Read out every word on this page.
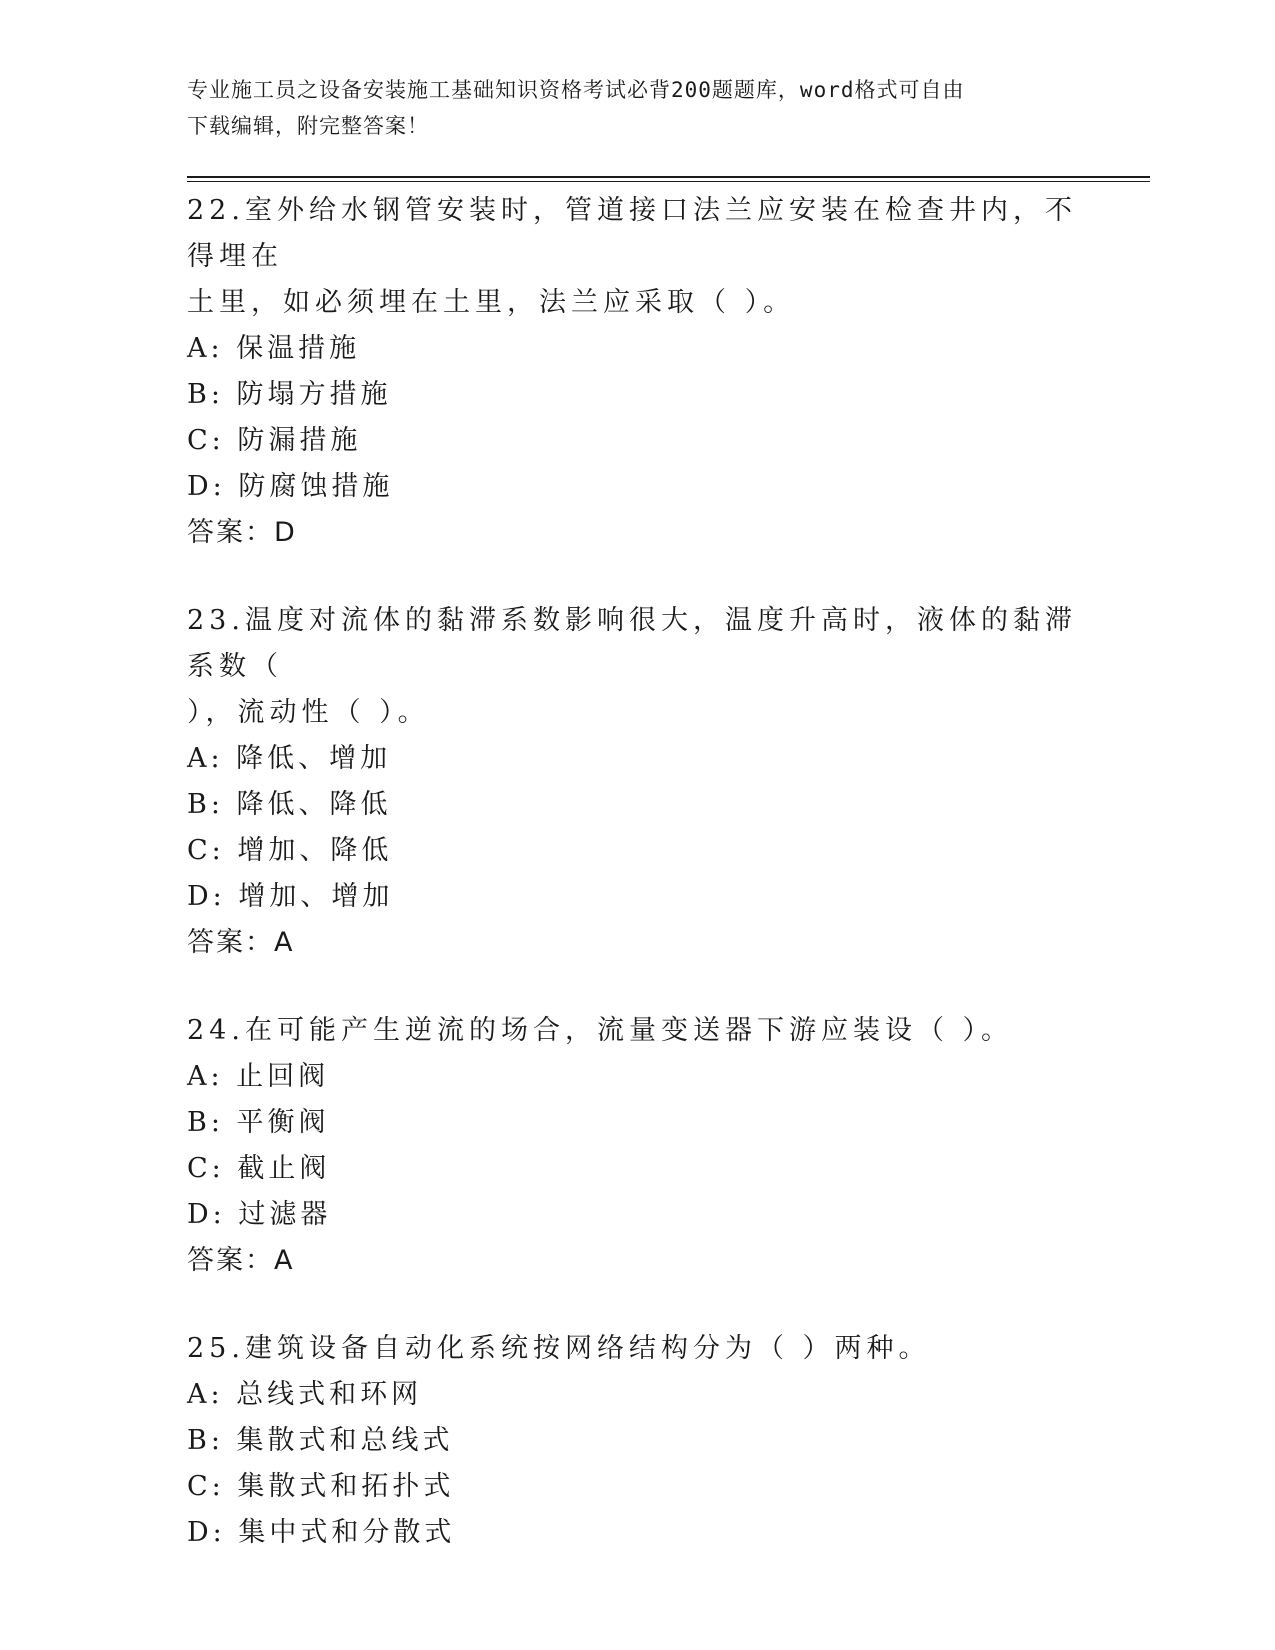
专业施工员之设备安装施工基础知识资格考试必背200题题库，word格式可自由
下载编辑，附完整答案！

22.室外给水钢管安装时，管道接口法兰应安装在检查井内，不得埋在

土里，如必须埋在土里，法兰应采取（ ）。

A: 保温措施

B: 防塌方措施

C: 防漏措施

D: 防腐蚀措施

答案：D

23.温度对流体的黏滞系数影响很大，温度升高时，液体的黏滞系数（

），流动性（ ）。

A: 降低、增加

B: 降低、降低

C: 增加、降低

D: 增加、增加

答案：A

24.在可能产生逆流的场合，流量变送器下游应装设（ ）。

A: 止回阀

B: 平衡阀

C: 截止阀

D: 过滤器

答案：A

25.建筑设备自动化系统按网络结构分为（ ）两种。

A: 总线式和环网

B: 集散式和总线式

C: 集散式和拓扑式

D: 集中式和分散式
